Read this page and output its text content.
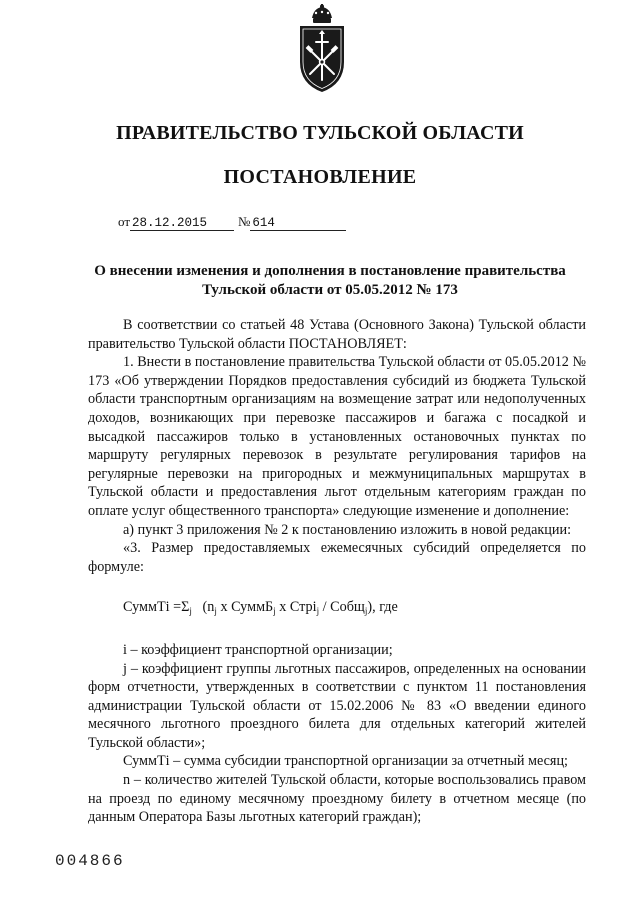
ПРАВИТЕЛЬСТВО ТУЛЬСКОЙ ОБЛАСТИ
ПОСТАНОВЛЕНИЕ
от 28.12.2015 № 614
О внесении изменения и дополнения в постановление правительства
Тульской области от 05.05.2012 № 173

В соответствии со статьей 48 Устава (Основного Закона) Тульской области правительство Тульской области ПОСТАНОВЛЯЕТ:

1. Внести в постановление правительства Тульской области от 05.05.2012 № 173 «Об утверждении Порядков предоставления субсидий из бюджета Тульской области транспортным организациям на возмещение затрат или недополученных доходов, возникающих при перевозке пассажиров и багажа с посадкой и высадкой пассажиров только в установленных остановочных пунктах по маршруту регулярных перевозок в результате регулирования тарифов на регулярные перевозки на пригородных и межмуниципальных маршрутах в Тульской области и предоставления льгот отдельным категориям граждан по оплате услуг общественного транспорта» следующие изменение и дополнение:

а) пункт 3 приложения № 2 к постановлению изложить в новой редакции:

«3. Размер предоставляемых ежемесячных субсидий определяется по формуле:

СуммТi $=\Sigma_j$ ($n_j$ x СуммБ$_j$ x Стрi$_j$ / Собщ$_j$), где

i – коэффициент транспортной организации;

j – коэффициент группы льготных пассажиров, определенных на основании форм отчетности, утвержденных в соответствии с пунктом 11 постановления администрации Тульской области от 15.02.2006 № 83 «О введении единого месячного льготного проездного билета для отдельных категорий жителей Тульской области»;

СуммТi – сумма субсидии транспортной организации за отчетный месяц;

n – количество жителей Тульской области, которые воспользовались правом на проезд по единому месячному проездному билету в отчетном месяце (по данным Оператора Базы льготных категорий граждан);

004866
